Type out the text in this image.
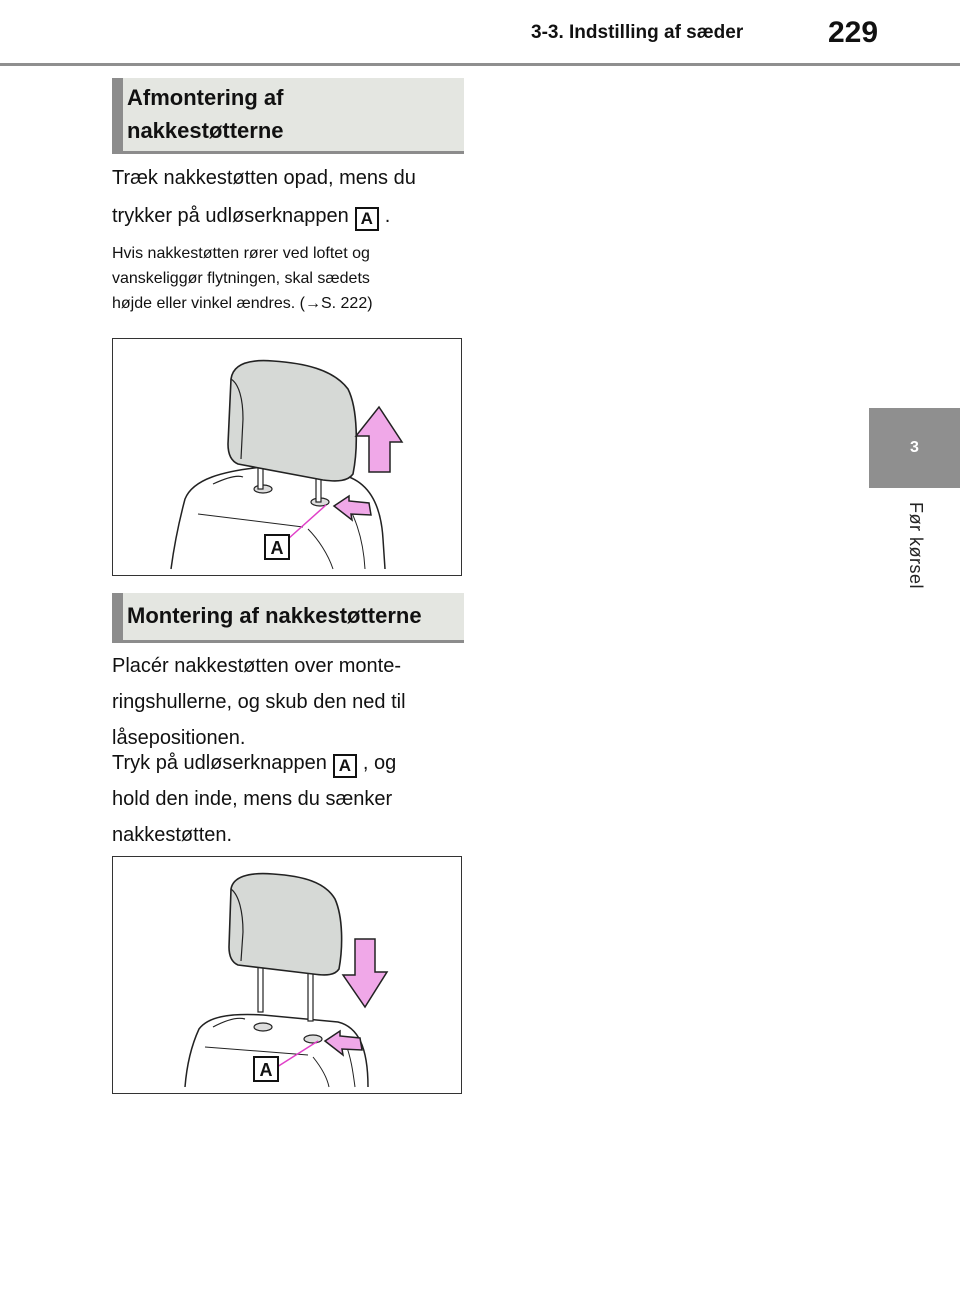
3-3. Indstilling af sæder	229
3
Før kørsel
Afmontering af
nakkestøtterne
Træk nakkestøtten opad, mens du
trykker på udløserknappen A .
Hvis nakkestøtten rører ved loftet og
vanskeliggør flytningen, skal sædets
højde eller vinkel ændres. (→S. 222)
A
Montering af nakkestøtterne
Placér nakkestøtten over monte-
ringshullerne, og skub den ned til
låsepositionen.
Tryk på udløserknappen A , og
hold den inde, mens du sænker
nakkestøtten.
A
